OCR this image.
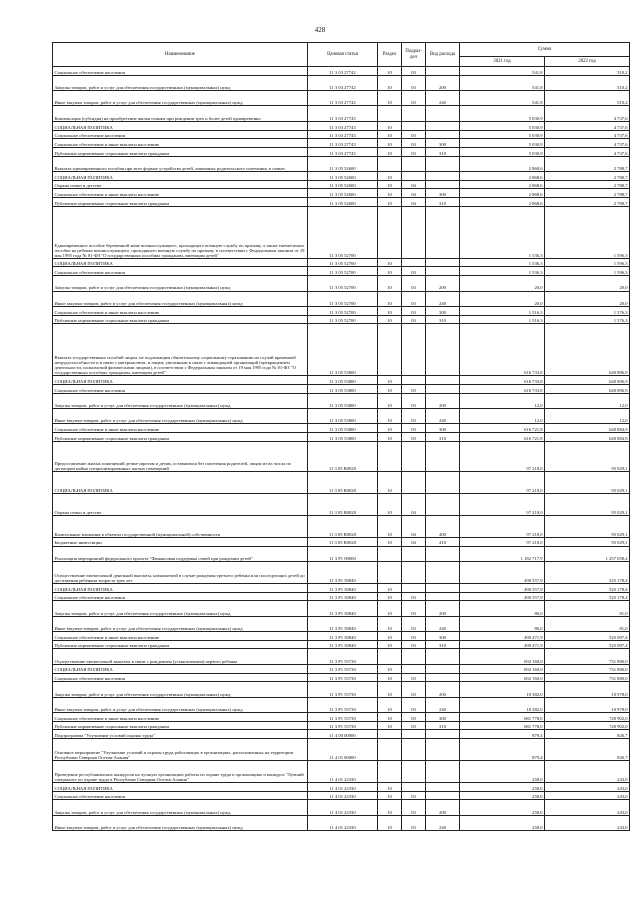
428
Наименование	Целевая статья	Раздел	Подраз-дел	Вид расхода	Сумма	
					2021 год	2022 год
Социальное обеспечение населения	11 3 03 27742	10	03		541,8	510,2
Закупка товаров, работ и услуг для обеспечения государственных (муниципальных) нужд	11 3 03 27742	10	03	200	541,8	510,2
Иные закупки товаров, работ и услуг для обеспечения государственных (муниципальных) нужд	11 3 03 27742	10	03	240	541,8	510,2
Компенсация (субсидия) на приобретение жилья семьям при рождении трех и более детей одновременно	11 3 03 27743				5 030,9	4 737,6
СОЦИАЛЬНАЯ ПОЛИТИКА	11 3 03 27743	10			5 030,9	4 737,6
Социальное обеспечение населения	11 3 03 27743	10	03		5 030,9	4 737,6
Социальное обеспечение и иные выплаты населению	11 3 03 27743	10	03	300	5 030,9	4 737,6
Публичные нормативные социальные выплаты гражданам	11 3 03 27743	10	03	310	5 030,9	4 737,6
Выплата единовременного пособия при всех формах устройства детей, лишенных родительского попечения, в семью	11 3 05 52600				2 868,6	2 788,7
СОЦИАЛЬНАЯ ПОЛИТИКА	11 3 05 52600	10			2 868,6	2 788,7
Охрана семьи и детства	11 3 05 52600	10	04		2 868,6	2 788,7
Социальное обеспечение и иные выплаты населению	11 3 05 52600	10	04	300	2 868,6	2 788,7
Публичные нормативные социальные выплаты гражданам	11 3 05 52600	10	04	310	2 868,6	2 788,7
Единовременное пособие беременной жене военнослужащего, проходящего военную службу по призыву, а также ежемесячное пособие на ребенка военнослужащего, проходящего военную службу по призыву, в соответствии с Федеральным законом от 19 мая 1995 года № 81-ФЗ "О государственных пособиях гражданам, имеющим детей"	11 3 05 52700				1 536,3	1 596,3
СОЦИАЛЬНАЯ ПОЛИТИКА	11 3 05 52700	10			1 536,3	1 596,3
Социальное обеспечение населения	11 3 05 52700	10	03		1 536,3	1 596,3
Закупка товаров, работ и услуг для обеспечения государственных (муниципальных) нужд	11 3 05 52700	10	03	200	20,0	20,0
Иные закупки товаров, работ и услуг для обеспечения государственных (муниципальных) нужд	11 3 05 52700	10	03	240	20,0	20,0
Социальное обеспечение и иные выплаты населению	11 3 05 52700	10	03	300	1 516,3	1 576,3
Публичные нормативные социальные выплаты гражданам	11 3 05 52700	10	03	310	1 516,3	1 576,3
Выплата государственных пособий лицам, не подлежащим обязательному социальному страхованию на случай временной нетрудоспособности и в связи с материнством, и лицам, уволенным в связи с ликвидацией организаций (прекращением деятельности, полномочий физическими лицами), в соответствии с Федеральным законом от 19 мая 1995 года № 81-ФЗ "О государственных пособиях гражданам, имеющим детей"	11 3 05 53800				616 733,8	640 896,9
СОЦИАЛЬНАЯ ПОЛИТИКА	11 3 05 53800	10			616 733,8	640 896,9
Социальное обеспечение населения	11 3 05 53800	10	03		616 733,8	640 896,9
Закупка товаров, работ и услуг для обеспечения государственных (муниципальных) нужд	11 3 05 53800	10	03	200	12,0	12,0
Иные закупки товаров, работ и услуг для обеспечения государственных (муниципальных) нужд	11 3 05 53800	10	03	240	12,0	12,0
Социальное обеспечение и иные выплаты населению	11 3 05 53800	10	03	300	616 721,8	640 884,9
Публичные нормативные социальные выплаты гражданам	11 3 05 53800	10	03	310	616 721,8	640 884,9
Предоставление жилых помещений детям-сиротам и детям, оставшимся без попечения родителей, лицам из их числа по договорам найма специализированных жилых помещений	11 3 05 R0820				97 218,0	95 029,1
СОЦИАЛЬНАЯ ПОЛИТИКА	11 3 05 R0820	10			97 218,0	95 029,1
Охрана семьи и детства	11 3 05 R0820	10	04		97 218,0	95 029,1
Капитальные вложения в объекты государственной (муниципальной) собственности	11 3 05 R0820	10	04	400	97 218,0	95 029,1
Бюджетные инвестиции	11 3 05 R0820	10	04	410	97 218,0	95 029,1
Реализация мероприятий федерального проекта "Финансовая поддержка семей при рождении детей"	11 3 P1 00000				1 182 717,9	1 257 058,4
Осуществление ежемесячной денежной выплаты, назначаемой в случае рождения третьего ребенка или последующих детей до достижения ребенком возраста трех лет	11 3 P1 50840				490 557,9	525 178,4
СОЦИАЛЬНАЯ ПОЛИТИКА	11 3 P1 50840	10			490 557,9	525 178,4
Социальное обеспечение населения	11 3 P1 50840	10	03		490 557,9	525 178,4
Закупка товаров, работ и услуг для обеспечения государственных (муниципальных) нужд	11 3 P1 50840	10	03	200	86,0	81,0
Иные закупки товаров, работ и услуг для обеспечения государственных (муниципальных) нужд	11 3 P1 50840	10	03	240	86,0	81,0
Социальное обеспечение и иные выплаты населению	11 3 P1 50840	10	03	300	490 471,9	525 097,4
Публичные нормативные социальные выплаты гражданам	11 3 P1 50840	10	03	310	490 471,9	525 097,4
Осуществление ежемесячной выплаты в связи с рождением (усыновлением) первого ребенка	11 3 P1 55730				692 160,0	731 880,0
СОЦИАЛЬНАЯ ПОЛИТИКА	11 3 P1 55730	10			692 160,0	731 880,0
Социальное обеспечение населения	11 3 P1 55730	10	03		692 160,0	731 880,0
Закупка товаров, работ и услуг для обеспечения государственных (муниципальных) нужд	11 3 P1 55730	10	03	200	10 382,0	10 978,0
Иные закупки товаров, работ и услуг для обеспечения государственных (муниципальных) нужд	11 3 P1 55730	10	03	240	10 382,0	10 978,0
Социальное обеспечение и иные выплаты населению	11 3 P1 55730	10	03	300	681 778,0	720 902,0
Публичные нормативные социальные выплаты гражданам	11 3 P1 55730	10	03	310	681 778,0	720 902,0
Подпрограмма "Улучшение условий охраны труда"	11 4 00 00000				879,4	826,7
Основное мероприятие "Улучшение условий и охраны труда работающих в организациях, расположенных на территории Республики Северная Осетия-Алания"	11 4 01 00000				879,4	826,7
Проведение республиканских конкурсов на лучшую организацию работы по охране труда в организациях и конкурса "Лучший специалист по охране труда в Республике Северная Осетия-Алания"	11 4 01 22330				258,0	243,0
СОЦИАЛЬНАЯ ПОЛИТИКА	11 4 01 22330	10			258,0	243,0
Социальное обеспечение населения	11 4 01 22330	10	03		258,0	243,0
Закупка товаров, работ и услуг для обеспечения государственных (муниципальных) нужд	11 4 01 22330	10	03	200	258,0	243,0
Иные закупки товаров, работ и услуг для обеспечения государственных (муниципальных) нужд	11 4 01 22330	10	03	240	258,0	243,0
